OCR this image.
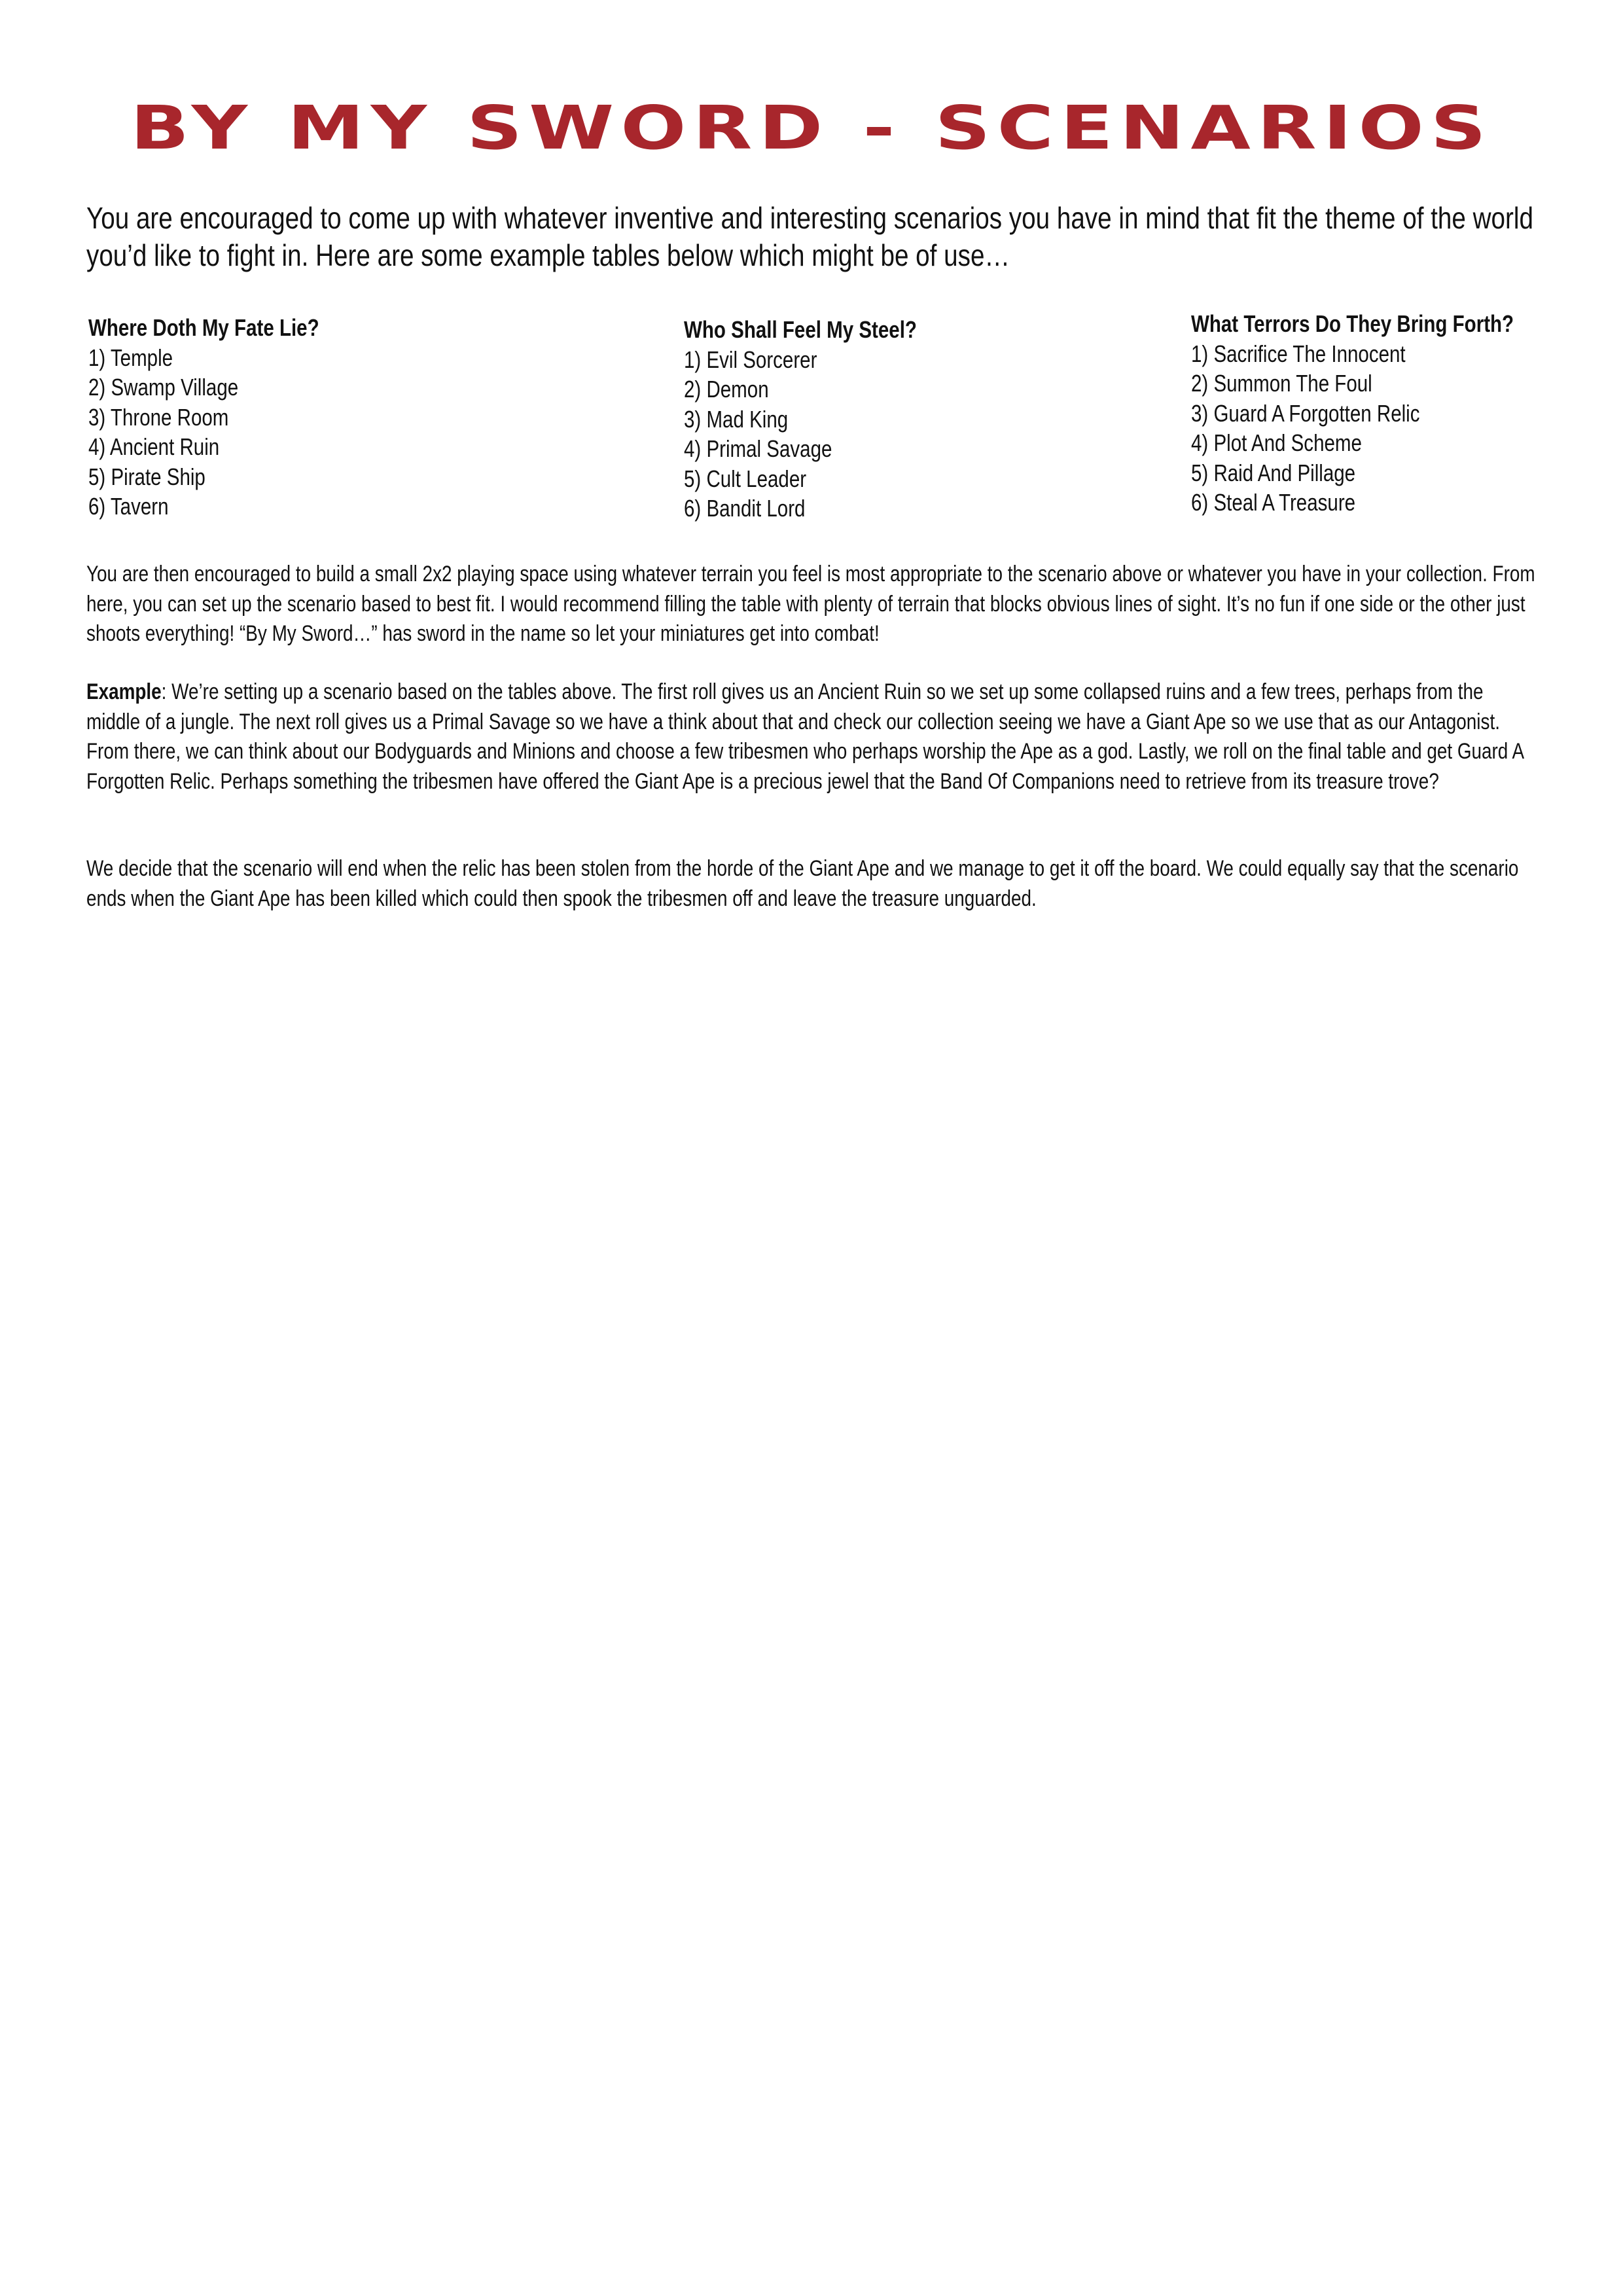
BY MY SWORD - SCENARIOS

You are encouraged to come up with whatever inventive and interesting scenarios you have in mind that fit the theme of the world you’d like to fight in. Here are some example tables below which might be of use…

Where Doth My Fate Lie?
1) Temple
2) Swamp Village
3) Throne Room
4) Ancient Ruin
5) Pirate Ship
6) Tavern
Who Shall Feel My Steel?
1) Evil Sorcerer
2) Demon
3) Mad King
4) Primal Savage
5) Cult Leader
6) Bandit Lord
What Terrors Do They Bring Forth?
1) Sacrifice The Innocent
2) Summon The Foul
3) Guard A Forgotten Relic
4) Plot And Scheme
5) Raid And Pillage
6) Steal A Treasure

You are then encouraged to build a small 2x2 playing space using whatever terrain you feel is most appropriate to the scenario above or whatever you have in your collection. From here, you can set up the scenario based to best fit. I would recommend filling the table with plenty of terrain that blocks obvious lines of sight. It’s no fun if one side or the other just shoots everything! “By My Sword…” has sword in the name so let your miniatures get into combat!

Example: We’re setting up a scenario based on the tables above. The first roll gives us an Ancient Ruin so we set up some collapsed ruins and a few trees, perhaps from the middle of a jungle. The next roll gives us a Primal Savage so we have a think about that and check our collection seeing we have a Giant Ape so we use that as our Antagonist. From there, we can think about our Bodyguards and Minions and choose a few tribesmen who perhaps worship the Ape as a god. Lastly, we roll on the final table and get Guard A Forgotten Relic. Perhaps something the tribesmen have offered the Giant Ape is a precious jewel that the Band Of Companions need to retrieve from its treasure trove?

We decide that the scenario will end when the relic has been stolen from the horde of the Giant Ape and we manage to get it off the board. We could equally say that the scenario ends when the Giant Ape has been killed which could then spook the tribesmen off and leave the treasure unguarded.
